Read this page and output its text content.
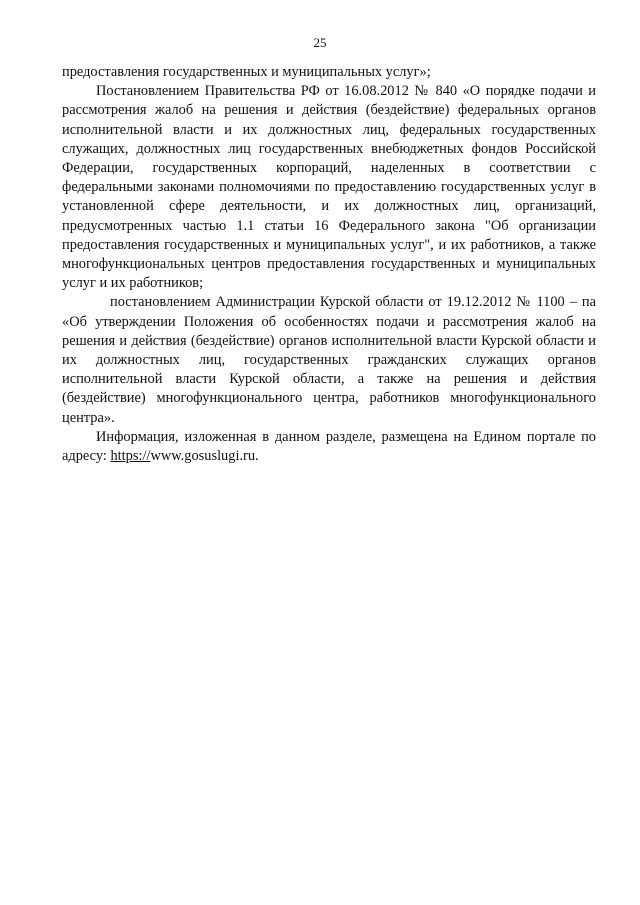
25

предоставления государственных и муниципальных услуг»;

Постановлением Правительства РФ от 16.08.2012 № 840 «О порядке подачи и рассмотрения жалоб на решения и действия (бездействие) федеральных органов исполнительной власти и их должностных лиц, федеральных государственных служащих, должностных лиц государственных внебюджетных фондов Российской Федерации, государственных корпораций, наделенных в соответствии с федеральными законами полномочиями по предоставлению государственных услуг в установленной сфере деятельности, и их должностных лиц, организаций, предусмотренных частью 1.1 статьи 16 Федерального закона "Об организации предоставления государственных и муниципальных услуг", и их работников, а также многофункциональных центров предоставления государственных и муниципальных услуг и их работников;

постановлением Администрации Курской области от 19.12.2012 № 1100 – па «Об утверждении Положения об особенностях подачи и рассмотрения жалоб на решения и действия (бездействие) органов исполнительной власти Курской области и их должностных лиц, государственных гражданских служащих органов исполнительной власти Курской области, а также на решения и действия (бездействие) многофункционального центра, работников многофункционального центра».

Информация, изложенная в данном разделе, размещена на Едином портале по адресу: https://www.gosuslugi.ru.
